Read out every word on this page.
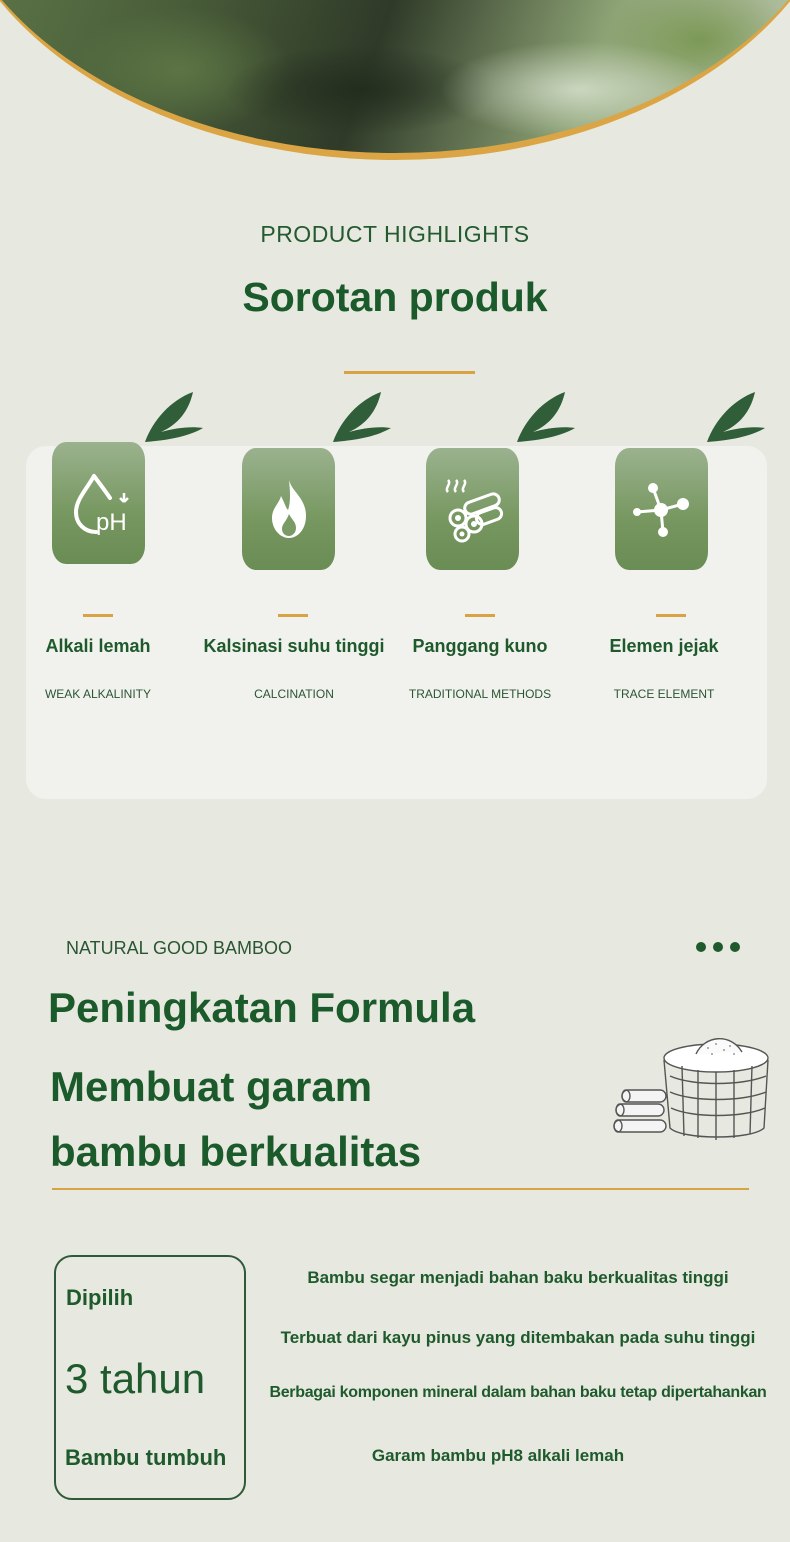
PRODUCT HIGHLIGHTS
Sorotan produk
pH
Alkali lemah
WEAK ALKALINITY
Kalsinasi suhu tinggi
CALCINATION
Panggang kuno
TRADITIONAL METHODS
Elemen jejak
TRACE ELEMENT
NATURAL GOOD BAMBOO
Peningkatan Formula
Membuat garam
bambu berkualitas
Dipilih
3 tahun
Bambu tumbuh
Bambu segar menjadi bahan baku berkualitas tinggi
Terbuat dari kayu pinus yang ditembakan pada suhu tinggi
Berbagai komponen mineral dalam bahan baku tetap dipertahankan
Garam bambu pH8 alkali lemah
